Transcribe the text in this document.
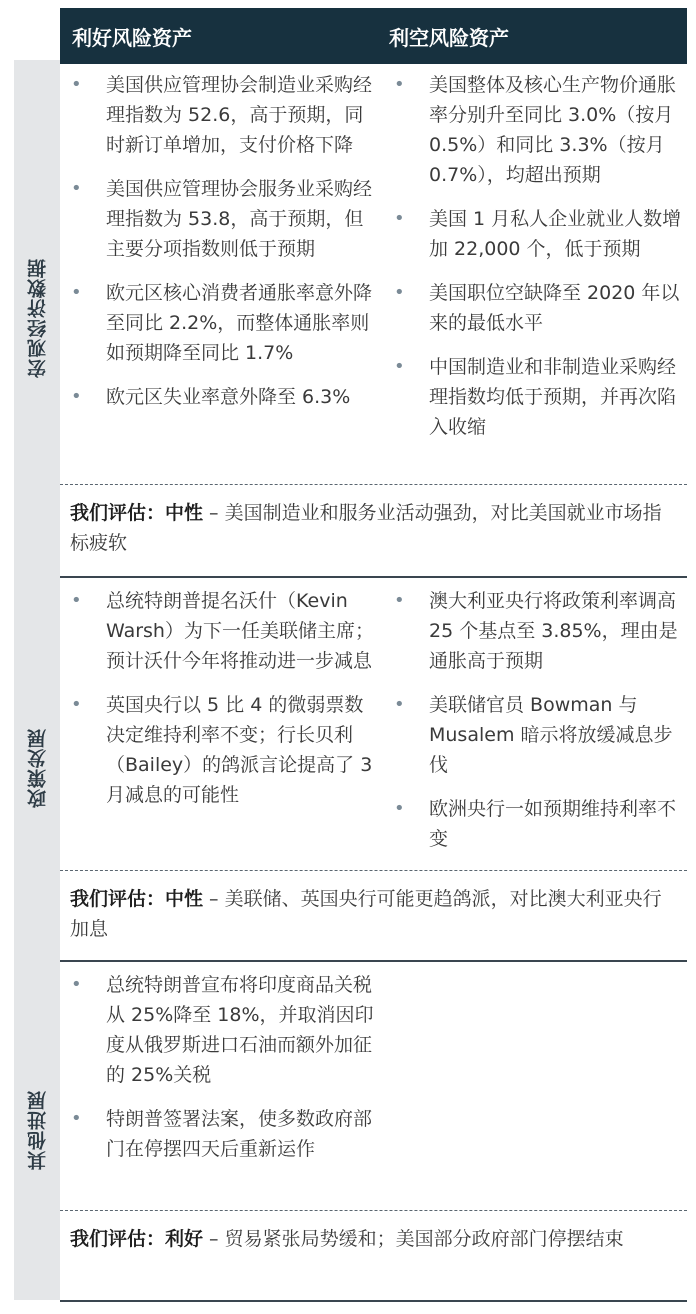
利好风险资产	利空风险资产
宏观经济数据
• 美国供应管理协会制造业采购经理指数为 52.6，高于预期，同时新订单增加，支付价格下降
• 美国供应管理协会服务业采购经理指数为 53.8，高于预期，但主要分项指数则低于预期
• 欧元区核心消费者通胀率意外降至同比 2.2%，而整体通胀率则如预期降至同比 1.7%
• 欧元区失业率意外降至 6.3%
• 美国整体及核心生产物价通胀率分别升至同比 3.0%（按月 0.5%）和同比 3.3%（按月 0.7%），均超出预期
• 美国 1 月私人企业就业人数增加 22,000 个，低于预期
• 美国职位空缺降至 2020 年以来的最低水平
• 中国制造业和非制造业采购经理指数均低于预期，并再次陷入收缩
我们评估：中性 – 美国制造业和服务业活动强劲，对比美国就业市场指标疲软
政策发展
• 总统特朗普提名沃什（Kevin Warsh）为下一任美联储主席；预计沃什今年将推动进一步减息
• 英国央行以 5 比 4 的微弱票数决定维持利率不变；行长贝利（Bailey）的鸽派言论提高了 3 月减息的可能性
• 澳大利亚央行将政策利率调高 25 个基点至 3.85%，理由是通胀高于预期
• 美联储官员 Bowman 与 Musalem 暗示将放缓减息步伐
• 欧洲央行一如预期维持利率不变
我们评估：中性 – 美联储、英国央行可能更趋鸽派，对比澳大利亚央行加息
其他进展
• 总统特朗普宣布将印度商品关税从 25%降至 18%，并取消因印度从俄罗斯进口石油而额外加征的 25%关税
• 特朗普签署法案，使多数政府部门在停摆四天后重新运作
我们评估：利好 – 贸易紧张局势缓和；美国部分政府部门停摆结束
